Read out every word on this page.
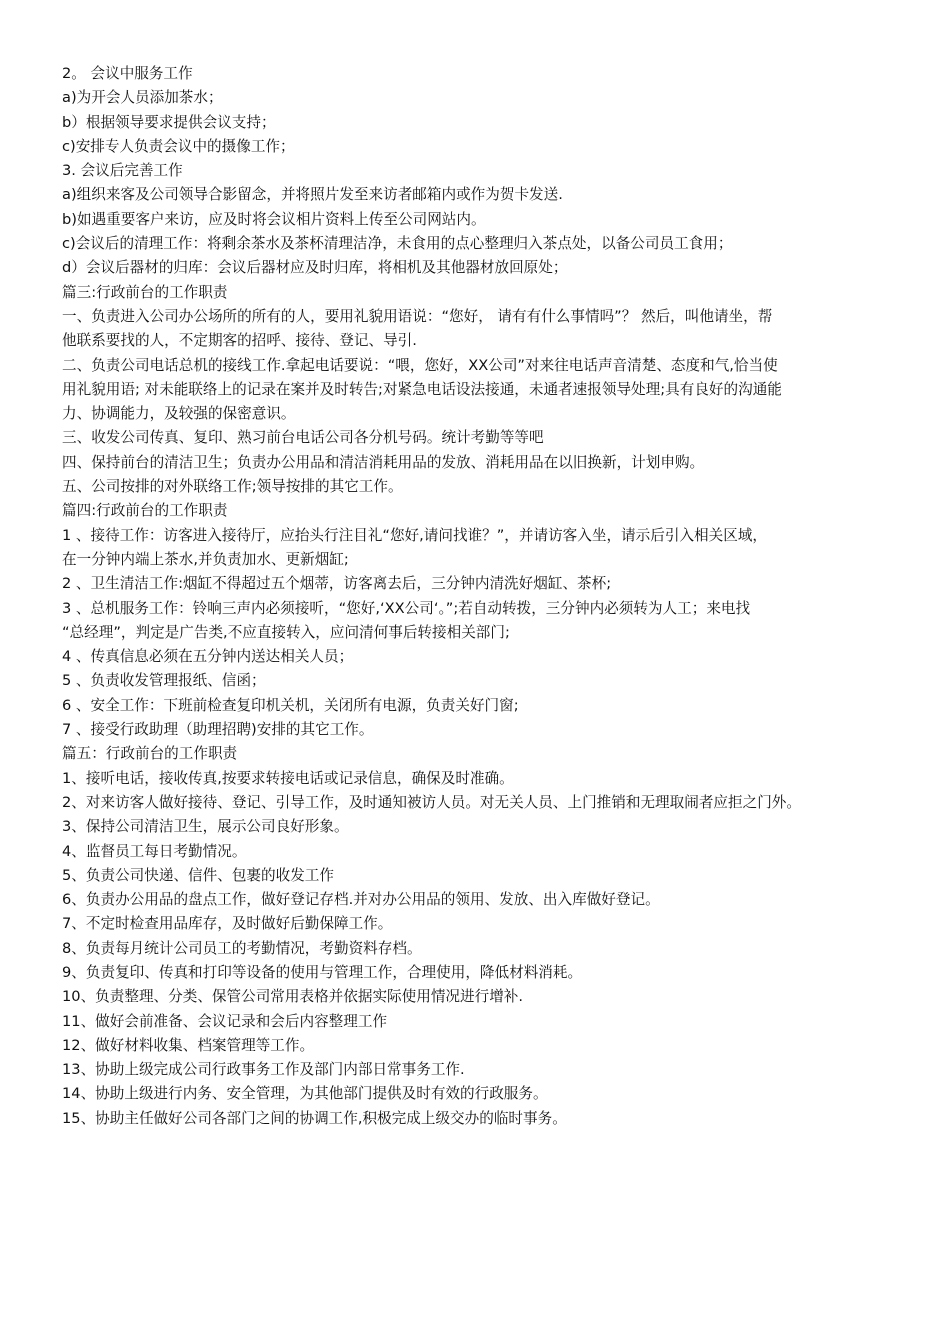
2。 会议中服务工作

a)为开会人员添加茶水；

b）根据领导要求提供会议支持；

c)安排专人负责会议中的摄像工作；

3. 会议后完善工作

a)组织来客及公司领导合影留念，并将照片发至来访者邮箱内或作为贺卡发送.

b)如遇重要客户来访，应及时将会议相片资料上传至公司网站内。

c)会议后的清理工作：将剩余茶水及茶杯清理洁净，未食用的点心整理归入茶点处，以备公司员工食用；

d）会议后器材的归库：会议后器材应及时归库，将相机及其他器材放回原处；

篇三:行政前台的工作职责

一、负责进入公司办公场所的所有的人，要用礼貌用语说：“您好， 请有有什么事情吗”？ 然后，叫他请坐，帮

他联系要找的人，不定期客的招呼、接待、登记、导引.

二、负责公司电话总机的接线工作.拿起电话要说：“喂，您好，XX公司”对来往电话声音清楚、态度和气,恰当使

用礼貌用语; 对未能联络上的记录在案并及时转告;对紧急电话设法接通，未通者速报领导处理;具有良好的沟通能

力、协调能力，及较强的保密意识。

三、收发公司传真、复印、熟习前台电话公司各分机号码。统计考勤等等吧

四、保持前台的清洁卫生；负责办公用品和清洁消耗用品的发放、消耗用品在以旧换新，计划申购。

五、公司按排的对外联络工作;领导按排的其它工作。

篇四:行政前台的工作职责

1 、接待工作：访客进入接待厅，应抬头行注目礼“您好,请问找谁？”，并请访客入坐，请示后引入相关区域，

在一分钟内端上茶水,并负责加水、更新烟缸;

2 、卫生清洁工作:烟缸不得超过五个烟蒂，访客离去后，三分钟内清洗好烟缸、茶杯;

3 、总机服务工作：铃响三声内必须接听，“您好,‘XX公司‘。”;若自动转拨，三分钟内必须转为人工；来电找

“总经理”，判定是广告类,不应直接转入，应问清何事后转接相关部门;

4 、传真信息必须在五分钟内送达相关人员；

5 、负责收发管理报纸、信函；

6 、安全工作：下班前检查复印机关机，关闭所有电源，负责关好门窗;

7 、接受行政助理（助理招聘)安排的其它工作。

篇五：行政前台的工作职责

1、接听电话，接收传真,按要求转接电话或记录信息，确保及时准确。

2、对来访客人做好接待、登记、引导工作，及时通知被访人员。对无关人员、上门推销和无理取闹者应拒之门外。

3、保持公司清洁卫生，展示公司良好形象。

4、监督员工每日考勤情况。

5、负责公司快递、信件、包裹的收发工作

6、负责办公用品的盘点工作，做好登记存档.并对办公用品的领用、发放、出入库做好登记。

7、不定时检查用品库存，及时做好后勤保障工作。

8、负责每月统计公司员工的考勤情况，考勤资料存档。

9、负责复印、传真和打印等设备的使用与管理工作，合理使用，降低材料消耗。

10、负责整理、分类、保管公司常用表格并依据实际使用情况进行增补.

11、做好会前准备、会议记录和会后内容整理工作

12、做好材料收集、档案管理等工作。

13、协助上级完成公司行政事务工作及部门内部日常事务工作.

14、协助上级进行内务、安全管理，为其他部门提供及时有效的行政服务。

15、协助主任做好公司各部门之间的协调工作,积极完成上级交办的临时事务。
